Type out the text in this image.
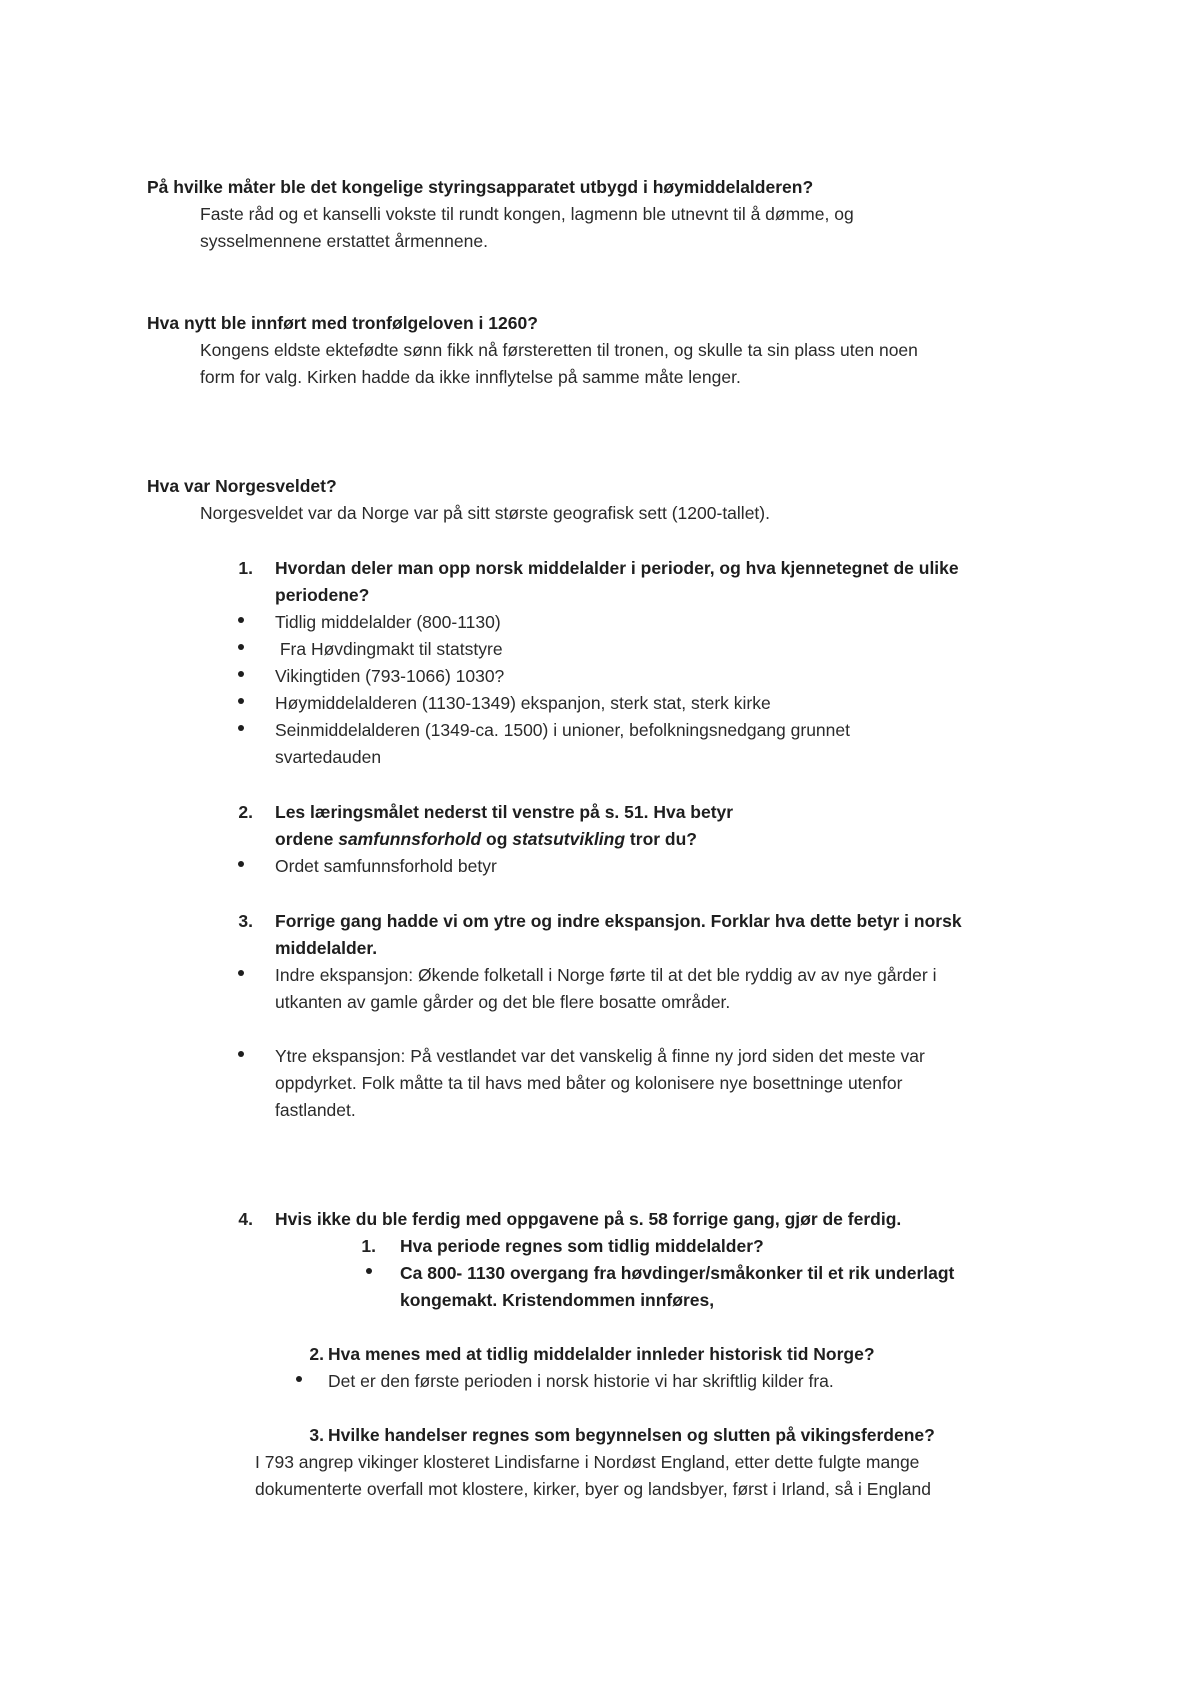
På hvilke måter ble det kongelige styringsapparatet utbygd i høymiddelalderen?
Faste råd og et kanselli vokste til rundt kongen, lagmenn ble utnevnt til å dømme, og
sysselmennene erstattet årmennene.
Hva nytt ble innført med tronfølgeloven i 1260?
Kongens eldste ektefødte sønn fikk nå førsteretten til tronen, og skulle ta sin plass uten noen
form for valg. Kirken hadde da ikke innflytelse på samme måte lenger.
Hva var Norgesveldet?
Norgesveldet var da Norge var på sitt største geografisk sett (1200-tallet).
1. Hvordan deler man opp norsk middelalder i perioder, og hva kjennetegnet de ulike
periodene?
Tidlig middelalder (800-1130)
Fra Høvdingmakt til statstyre
Vikingtiden (793-1066) 1030?
Høymiddelalderen (1130-1349) ekspanjon, sterk stat, sterk kirke
Seinmiddelalderen (1349-ca. 1500) i unioner, befolkningsnedgang grunnet
svartedauden
2. Les læringsmålet nederst til venstre på s. 51. Hva betyr
ordene samfunnsforhold og statsutvikling tror du?
Ordet samfunnsforhold betyr
3. Forrige gang hadde vi om ytre og indre ekspansjon. Forklar hva dette betyr i norsk
middelalder.
Indre ekspansjon: Økende folketall i Norge førte til at det ble ryddig av av nye gårder i
utkanten av gamle gårder og det ble flere bosatte områder.
Ytre ekspansjon: På vestlandet var det vanskelig å finne ny jord siden det meste var
oppdyrket. Folk måtte ta til havs med båter og kolonisere nye bosettninge utenfor
fastlandet.
4. Hvis ikke du ble ferdig med oppgavene på s. 58 forrige gang, gjør de ferdig.
1. Hva periode regnes som tidlig middelalder?
Ca 800- 1130 overgang fra høvdinger/småkonker til et rik underlagt
kongemakt. Kristendommen innføres,
2. Hva menes med at tidlig middelalder innleder historisk tid Norge?
Det er den første perioden i norsk historie vi har skriftlig kilder fra.
3. Hvilke handelser regnes som begynnelsen og slutten på vikingsferdene?
I 793 angrep vikinger klosteret Lindisfarne i Nordøst England, etter dette fulgte mange
dokumenterte overfall mot klostere, kirker, byer og landsbyer, først i Irland, så i England
